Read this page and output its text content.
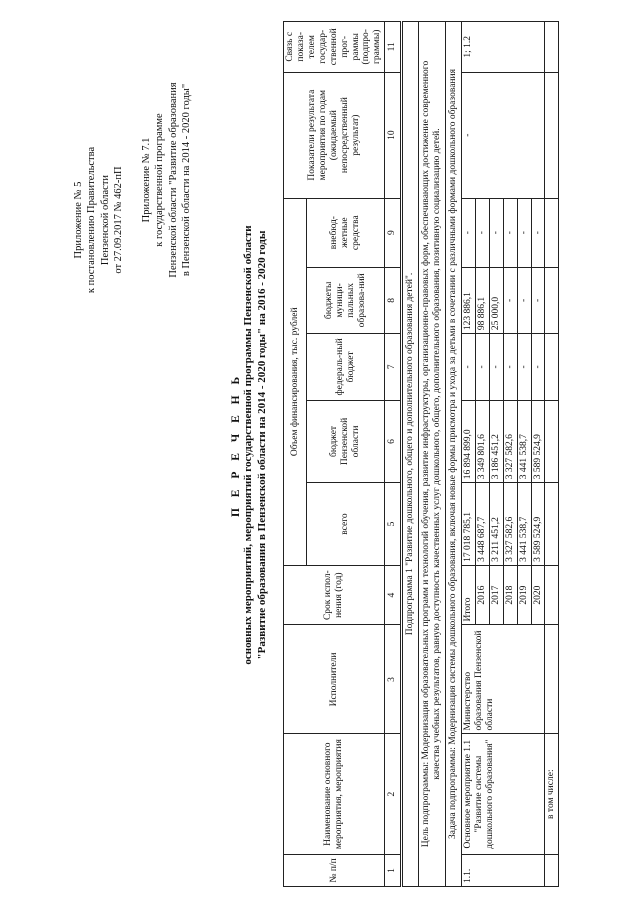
Приложение № 5 к постановлению Правительства Пензенской области от 27.09.2017 № 462-пП Приложение № 7.1 к государственной программе Пензенской области "Развитие образования в Пензенской области на 2014 - 2020 годы"
П Е Р Е Ч Е Н Ь основных мероприятий, мероприятий государственной программы Пензенской области "Развитие образования в Пензенской области на 2014 - 2020 годы" на 2016 - 2020 годы
№ п/п	Наименование основного мероприятия, мероприятия	Исполнители	Срок испол-нения (год)	Объем финансирования, тыс. рублей					Показатели результата мероприятия по годам (ожидаемый непосредственный результат)	Связь с показа-телем государ-ственной прог-раммы (подпро-граммы)
				всего	бюджет Пензенской области	федераль-ный бюджет	бюджеты муници-пальных образова-ний	внебюд-жетные средства		
1	2	3	4	5	6	7	8	9	10	11
Подпрограмма 1 "Развитие дошкольного, общего и дополнительного образования детей".										
Цель подпрограммы: Модернизация образовательных программ и технологий обучения, развитие инфраструктуры, организационно-правовых форм, обеспечивающих достижение современного качества учебных результатов, равную доступность качественных услуг дошкольного, общего, дополнительного образования, позитивную социализацию детей.										
Задача подпрограммы: Модернизация системы дошкольного образования, включая новые формы присмотра и ухода за детьми в сочетании с различными формами дошкольного образования										
1.1.	Основное мероприятие 1.1 "Развитие системы дошкольного образования"	Министерство образования Пензенской области	Итого	17 018 785,1	16 894 899,0	-	123 886,1	-	-	1; 1.2
			2016	3 448 687,7	3 349 801,6	-	98 886,1	-		
			2017	3 211 451,2	3 186 451,2	-	25 000,0	-		
			2018	3 327 582,6	3 327 582,6	-	-	-		
			2019	3 441 538,7	3 441 538,7	-	-	-		
			2020	3 589 524,9	3 589 524,9	-	-	-		
	в том числе:									
